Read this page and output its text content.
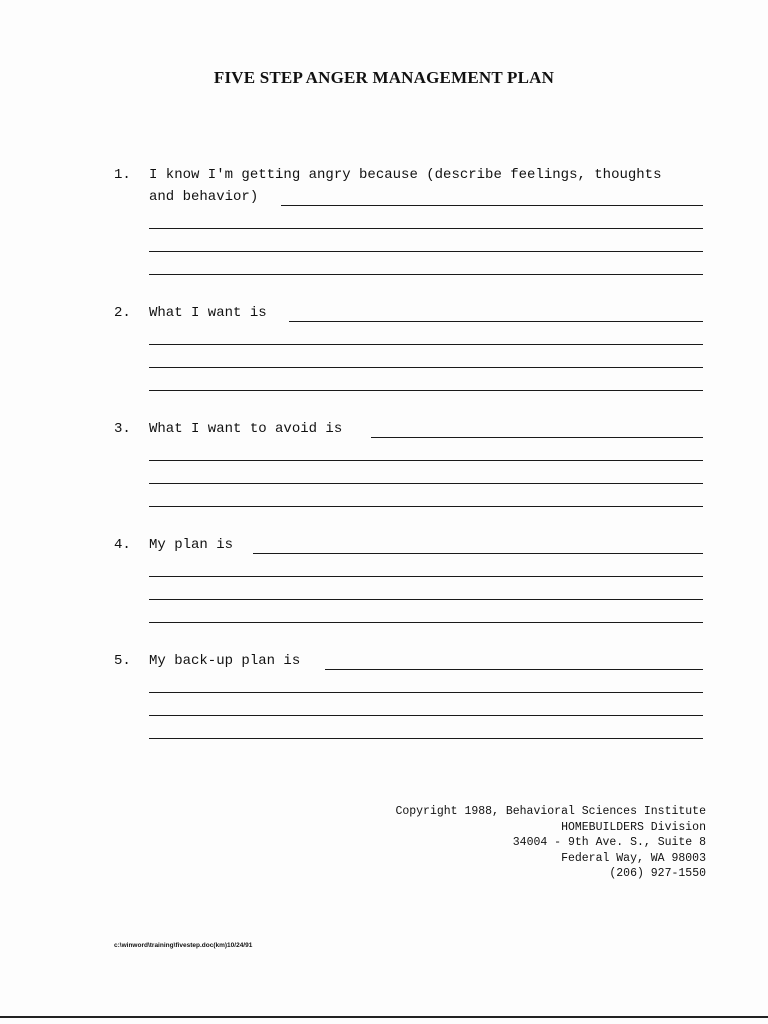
FIVE STEP ANGER MANAGEMENT PLAN
1. I know I'm getting angry because (describe feelings, thoughts
and behavior)
2. What I want is
3. What I want to avoid is
4. My plan is
5. My back-up plan is
Copyright 1988, Behavioral Sciences Institute
HOMEBUILDERS Division
34004 - 9th Ave. S., Suite 8
Federal Way, WA 98003
(206) 927-1550
c:\winword\training\fivestep.doc(km)10/24/91
